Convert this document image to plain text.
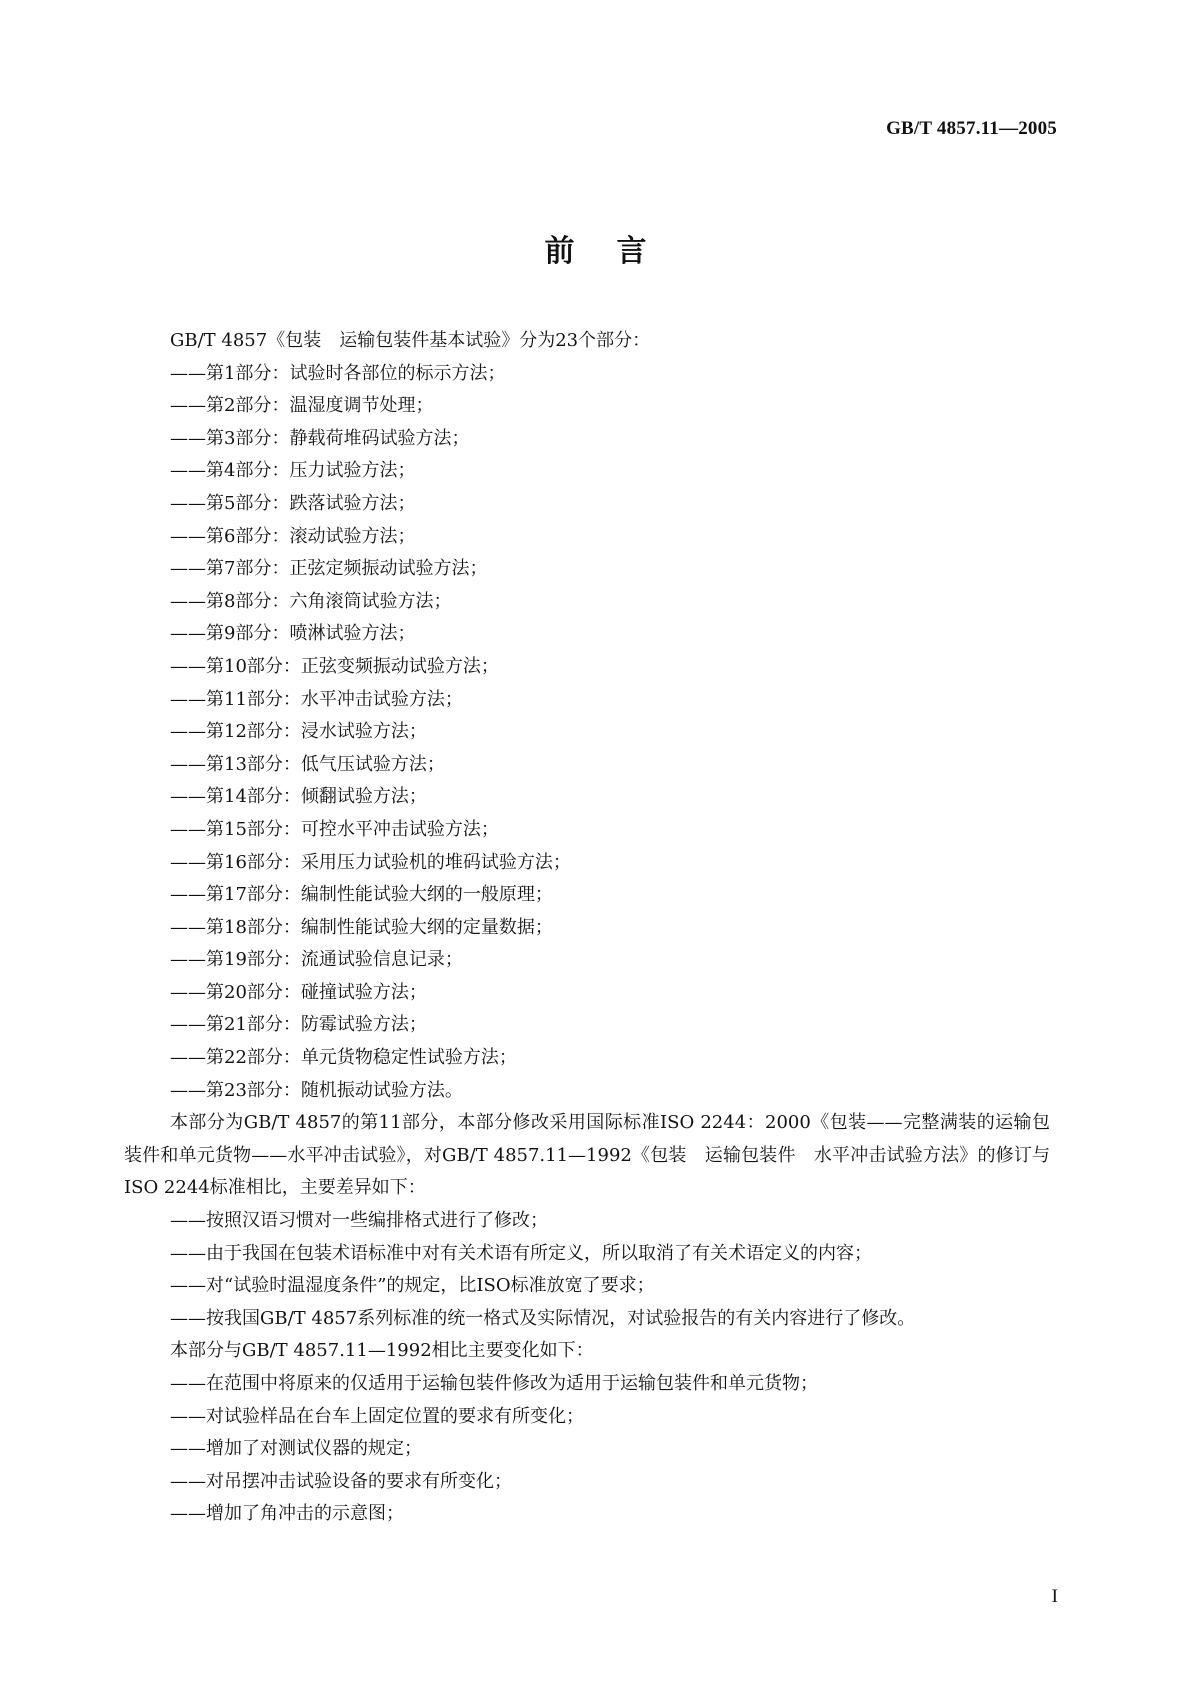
GB/T 4857.11—2005
前言
GB/T 4857《包装　运输包装件基本试验》分为23个部分：
——第1部分：试验时各部位的标示方法；
——第2部分：温湿度调节处理；
——第3部分：静载荷堆码试验方法；
——第4部分：压力试验方法；
——第5部分：跌落试验方法；
——第6部分：滚动试验方法；
——第7部分：正弦定频振动试验方法；
——第8部分：六角滚筒试验方法；
——第9部分：喷淋试验方法；
——第10部分：正弦变频振动试验方法；
——第11部分：水平冲击试验方法；
——第12部分：浸水试验方法；
——第13部分：低气压试验方法；
——第14部分：倾翻试验方法；
——第15部分：可控水平冲击试验方法；
——第16部分：采用压力试验机的堆码试验方法；
——第17部分：编制性能试验大纲的一般原理；
——第18部分：编制性能试验大纲的定量数据；
——第19部分：流通试验信息记录；
——第20部分：碰撞试验方法；
——第21部分：防霉试验方法；
——第22部分：单元货物稳定性试验方法；
——第23部分：随机振动试验方法。
本部分为GB/T 4857的第11部分，本部分修改采用国际标准ISO 2244：2000《包装——完整满装的运输包装件和单元货物——水平冲击试验》，对GB/T 4857.11—1992《包装　运输包装件　水平冲击试验方法》的修订与ISO 2244标准相比，主要差异如下：
——按照汉语习惯对一些编排格式进行了修改；
——由于我国在包装术语标准中对有关术语有所定义，所以取消了有关术语定义的内容；
——对“试验时温湿度条件”的规定，比ISO标准放宽了要求；
——按我国GB/T 4857系列标准的统一格式及实际情况，对试验报告的有关内容进行了修改。
本部分与GB/T 4857.11—1992相比主要变化如下：
——在范围中将原来的仅适用于运输包装件修改为适用于运输包装件和单元货物；
——对试验样品在台车上固定位置的要求有所变化；
——增加了对测试仪器的规定；
——对吊摆冲击试验设备的要求有所变化；
——增加了角冲击的示意图；
I
